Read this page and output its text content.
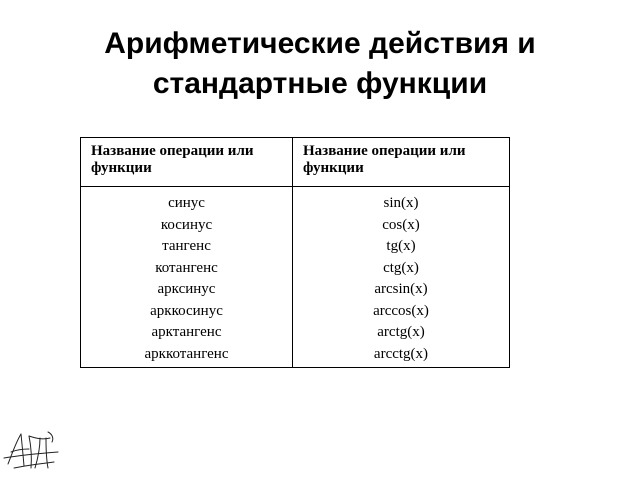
Арифметические действия и
стандартные функции
Название операции или
функции
Название операции или
функции
синус
косинус
тангенс
котангенс
арксинус
арккосинус
арктангенс
арккотангенс
sin(x)
cos(x)
tg(x)
ctg(x)
arcsin(x)
arccos(x)
arctg(x)
arcctg(x)
